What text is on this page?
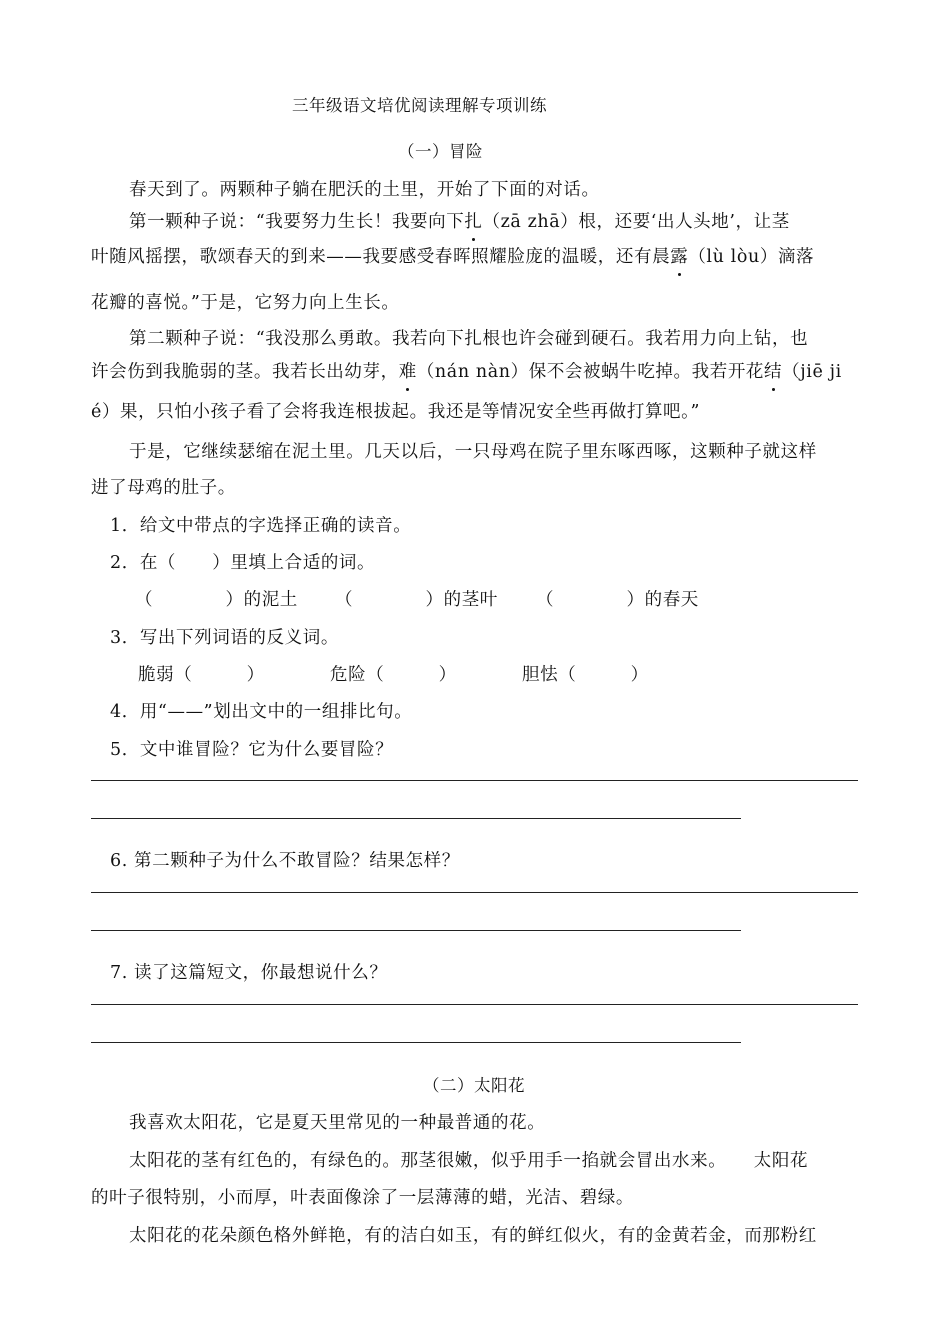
三年级语文培优阅读理解专项训练
（一）冒险
春天到了。两颗种子躺在肥沃的土里，开始了下面的对话。
第一颗种子说：“我要努力生长！我要向下扎（zā zhā）根，还要‘出人头地’，让茎
叶随风摇摆，歌颂春天的到来——我要感受春晖照耀脸庞的温暖，还有晨露（lù lòu）滴落
花瓣的喜悦。”于是，它努力向上生长。
第二颗种子说：“我没那么勇敢。我若向下扎根也许会碰到硬石。我若用力向上钻，也
许会伤到我脆弱的茎。我若长出幼芽，难（nán nàn）保不会被蜗牛吃掉。我若开花结（jiē ji
é）果，只怕小孩子看了会将我连根拔起。我还是等情况安全些再做打算吧。”
于是，它继续瑟缩在泥土里。几天以后，一只母鸡在院子里东啄西啄，这颗种子就这样
进了母鸡的肚子。
1．给文中带点的字选择正确的读音。
2．在（　　）里填上合适的词。
（　　　　）的泥土 （　　　　）的茎叶 （　　　　）的春天
3．写出下列词语的反义词。
脆弱（　　　）	危险（　　　）	胆怯（　　　）
4．用“——”划出文中的一组排比句。
5．文中谁冒险？它为什么要冒险？
6. 第二颗种子为什么不敢冒险？结果怎样？
7. 读了这篇短文，你最想说什么？
（二）太阳花
我喜欢太阳花，它是夏天里常见的一种最普通的花。
太阳花的茎有红色的，有绿色的。那茎很嫩，似乎用手一掐就会冒出水来。　　太阳花
的叶子很特别，小而厚，叶表面像涂了一层薄薄的蜡，光洁、碧绿。
太阳花的花朵颜色格外鲜艳，有的洁白如玉，有的鲜红似火，有的金黄若金，而那粉红
